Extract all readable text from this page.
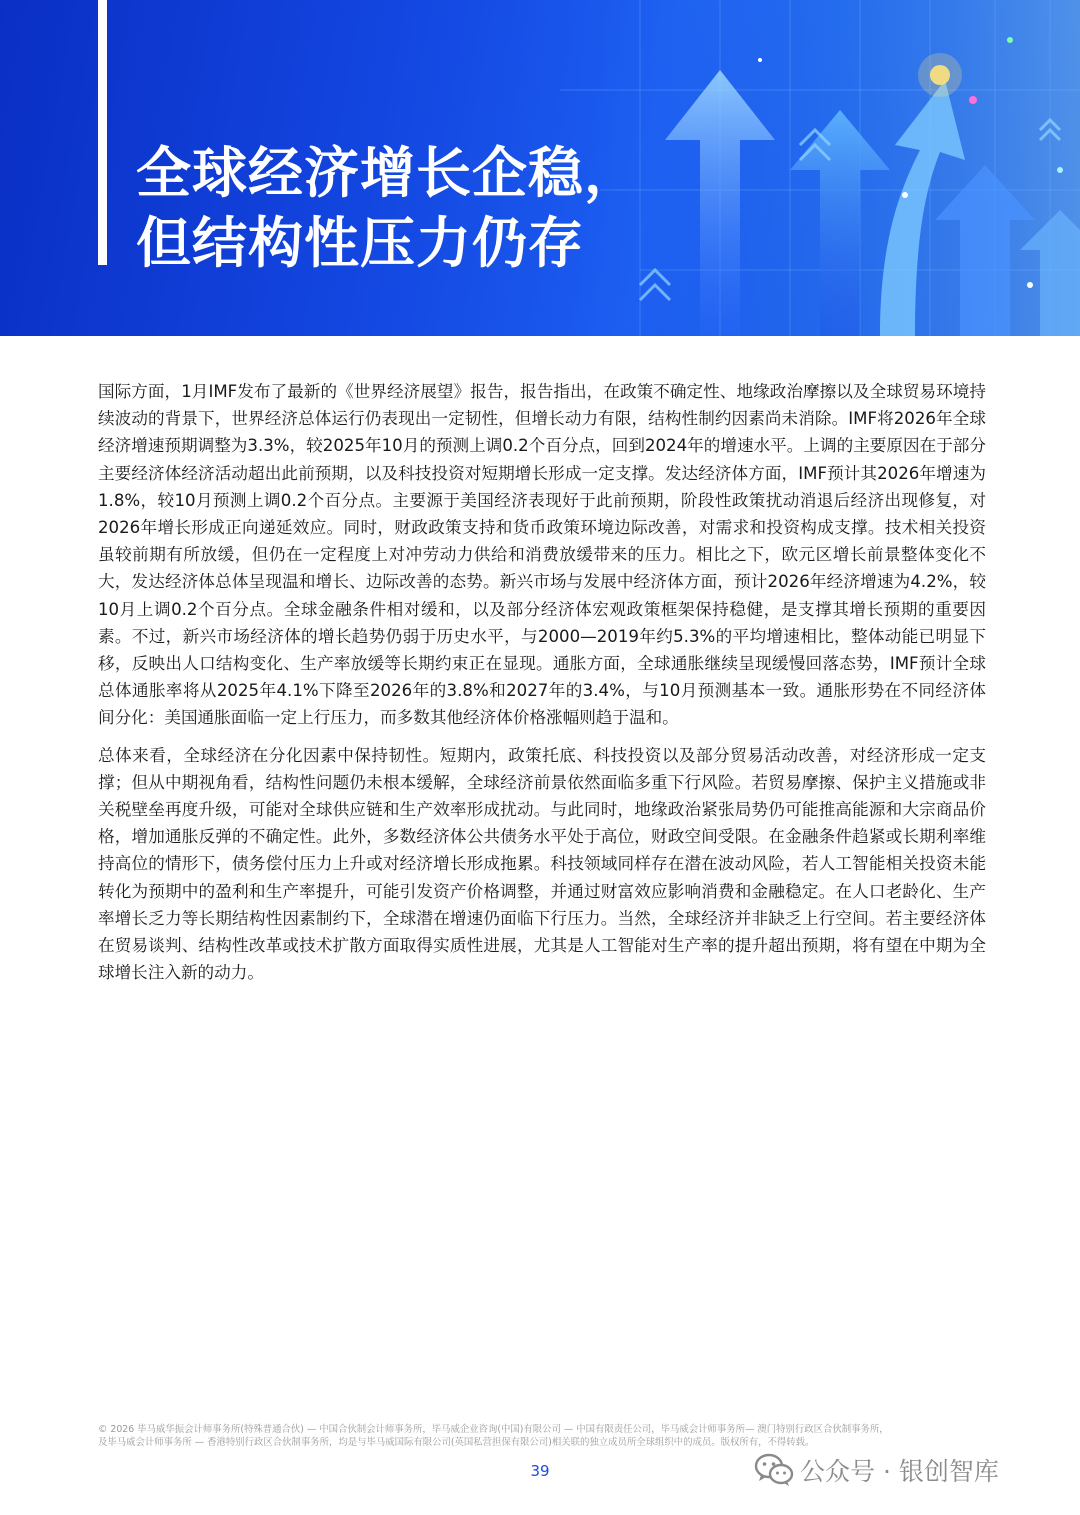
全球经济增长企稳，
但结构性压力仍存

国际方面，1月IMF发布了最新的《世界经济展望》报告，报告指出，在政策不确定性、地缘政治摩擦以及全球贸易环境持续波动的背景下，世界经济总体运行仍表现出一定韧性，但增长动力有限，结构性制约因素尚未消除。IMF将2026年全球经济增速预期调整为3.3%，较2025年10月的预测上调0.2个百分点，回到2024年的增速水平。上调的主要原因在于部分主要经济体经济活动超出此前预期，以及科技投资对短期增长形成一定支撑。发达经济体方面，IMF预计其2026年增速为1.8%，较10月预测上调0.2个百分点。主要源于美国经济表现好于此前预期，阶段性政策扰动消退后经济出现修复，对2026年增长形成正向递延效应。同时，财政政策支持和货币政策环境边际改善，对需求和投资构成支撑。技术相关投资虽较前期有所放缓，但仍在一定程度上对冲劳动力供给和消费放缓带来的压力。相比之下，欧元区增长前景整体变化不大，发达经济体总体呈现温和增长、边际改善的态势。新兴市场与发展中经济体方面，预计2026年经济增速为4.2%，较10月上调0.2个百分点。全球金融条件相对缓和，以及部分经济体宏观政策框架保持稳健，是支撑其增长预期的重要因素。不过，新兴市场经济体的增长趋势仍弱于历史水平，与2000—2019年约5.3%的平均增速相比，整体动能已明显下移，反映出人口结构变化、生产率放缓等长期约束正在显现。通胀方面，全球通胀继续呈现缓慢回落态势，IMF预计全球总体通胀率将从2025年4.1%下降至2026年的3.8%和2027年的3.4%，与10月预测基本一致。通胀形势在不同经济体间分化：美国通胀面临一定上行压力，而多数其他经济体价格涨幅则趋于温和。

总体来看，全球经济在分化因素中保持韧性。短期内，政策托底、科技投资以及部分贸易活动改善，对经济形成一定支撑；但从中期视角看，结构性问题仍未根本缓解，全球经济前景依然面临多重下行风险。若贸易摩擦、保护主义措施或非关税壁垒再度升级，可能对全球供应链和生产效率形成扰动。与此同时，地缘政治紧张局势仍可能推高能源和大宗商品价格，增加通胀反弹的不确定性。此外，多数经济体公共债务水平处于高位，财政空间受限。在金融条件趋紧或长期利率维持高位的情形下，债务偿付压力上升或对经济增长形成拖累。科技领域同样存在潜在波动风险，若人工智能相关投资未能转化为预期中的盈利和生产率提升，可能引发资产价格调整，并通过财富效应影响消费和金融稳定。在人口老龄化、生产率增长乏力等长期结构性因素制约下，全球潜在增速仍面临下行压力。当然，全球经济并非缺乏上行空间。若主要经济体在贸易谈判、结构性改革或技术扩散方面取得实质性进展，尤其是人工智能对生产率的提升超出预期，将有望在中期为全球增长注入新的动力。

© 2026 毕马威华振会计师事务所(特殊普通合伙) — 中国合伙制会计师事务所，毕马威企业咨询(中国)有限公司 — 中国有限责任公司，毕马威会计师事务所— 澳门特别行政区合伙制事务所，
及毕马威会计师事务所 — 香港特别行政区合伙制事务所，均是与毕马威国际有限公司(英国私营担保有限公司)相关联的独立成员所全球组织中的成员。版权所有，不得转载。
39	公众号 · 银创智库
